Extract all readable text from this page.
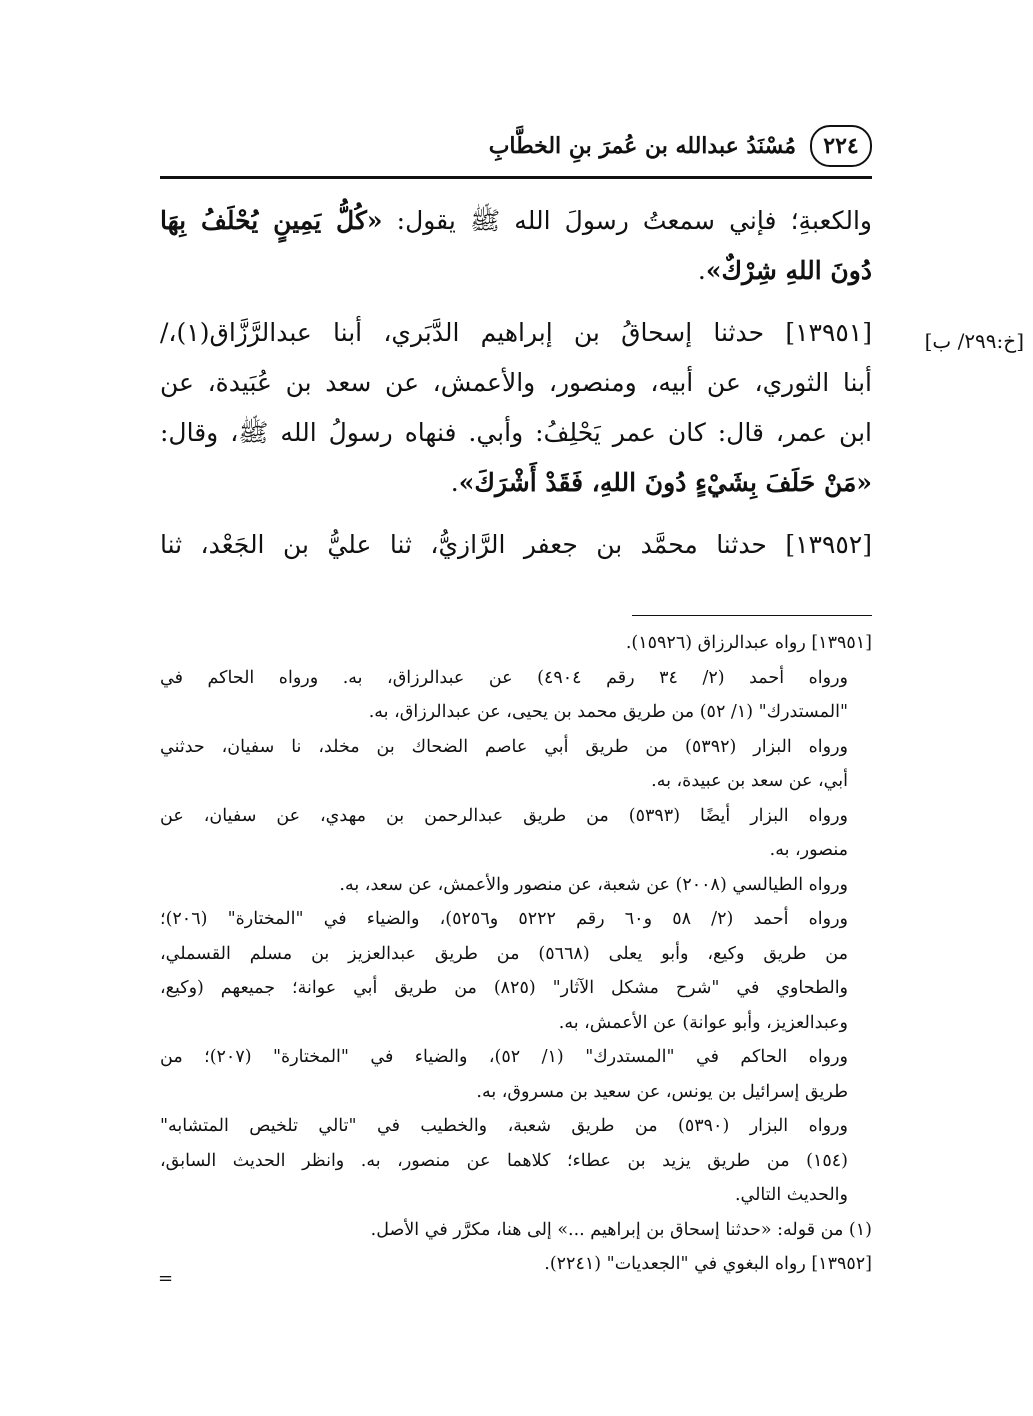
٢٢٤
مُسْنَدُ عبدالله بن عُمرَ بنِ الخطَّابِ
[خ:٢٩٩/ ب]
والكعبةِ؛ فإني سمعتُ رسولَ الله ﷺ يقول: «كُلُّ يَمِينٍ يُحْلَفُ بِهَا
دُونَ اللهِ شِرْكٌ».
[١٣٩٥١] حدثنا إسحاقُ بن إبراهيم الدَّبَري، أبنا عبدالرَّزَّاق(١)،/
أبنا الثوري، عن أبيه، ومنصور، والأعمش، عن سعد بن عُبَيدة، عن
ابن عمر، قال: كان عمر يَحْلِفُ: وأبي. فنهاه رسولُ الله ﷺ، وقال:
«مَنْ حَلَفَ بِشَيْءٍ دُونَ اللهِ، فَقَدْ أَشْرَكَ».
[١٣٩٥٢] حدثنا محمَّد بن جعفر الرَّازيُّ، ثنا عليُّ بن الجَعْد، ثنا
[١٣٩٥١] رواه عبدالرزاق (١٥٩٢٦).
ورواه أحمد (٢/ ٣٤ رقم ٤٩٠٤) عن عبدالرزاق، به. ورواه الحاكم في
"المستدرك" (١/ ٥٢) من طريق محمد بن يحيى، عن عبدالرزاق، به.
ورواه البزار (٥٣٩٢) من طريق أبي عاصم الضحاك بن مخلد، نا سفيان، حدثني
أبي، عن سعد بن عبيدة، به.
ورواه البزار أيضًا (٥٣٩٣) من طريق عبدالرحمن بن مهدي، عن سفيان، عن
منصور، به.
ورواه الطيالسي (٢٠٠٨) عن شعبة، عن منصور والأعمش، عن سعد، به.
ورواه أحمد (٢/ ٥٨ و٦٠ رقم ٥٢٢٢ و٥٢٥٦)، والضياء في "المختارة" (٢٠٦)؛
من طريق وكيع، وأبو يعلى (٥٦٦٨) من طريق عبدالعزيز بن مسلم القسملي،
والطحاوي في "شرح مشكل الآثار" (٨٢٥) من طريق أبي عوانة؛ جميعهم (وكيع،
وعبدالعزيز، وأبو عوانة) عن الأعمش، به.
ورواه الحاكم في "المستدرك" (١/ ٥٢)، والضياء في "المختارة" (٢٠٧)؛ من
طريق إسرائيل بن يونس، عن سعيد بن مسروق، به.
ورواه البزار (٥٣٩٠) من طريق شعبة، والخطيب في "تالي تلخيص المتشابه"
(١٥٤) من طريق يزيد بن عطاء؛ كلاهما عن منصور، به. وانظر الحديث السابق،
والحديث التالي.
(١) من قوله: «حدثنا إسحاق بن إبراهيم ...» إلى هنا، مكرَّر في الأصل.
[١٣٩٥٢] رواه البغوي في "الجعديات" (٢٢٤١).
=
